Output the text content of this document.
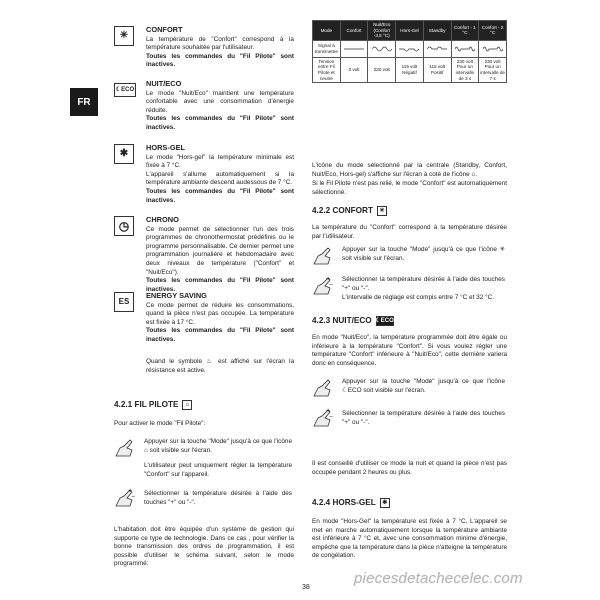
FR
✳
CONFORT
La température de "Confort" correspond à la température souhaitée par l'utilisateur.
Toutes les commandes du "Fil Pilote" sont inactives.
☾ECO
NUIT/ECO
Le mode "Nuit/Eco" maintient une température confortable avec une consommation d'énergie réduite.
Toutes les commandes du "Fil Pilote" sont inactives.
✱
HORS-GEL
Le mode "Hors-gel" la température minimale est fixée à 7 °C.
L'appareil s'allume automatiquement si la température ambiante descend audessous de 7 °C.
Toutes les commandes du "Fil Pilote" sont inactives.
◷	CHRONO
Ce mode permet de sélectionner l'un des trois programmes de chronothermostat prédéfinis ou le programme personnalisable. Ce dernier permet une programmation journalière et hebdomadaire avec deux niveaux de température ("Confort" et "Nuit/Eco").
Toutes les commandes du "Fil Pilote" sont inactives.
ES
ENERGY SAVING
Ce mode permet de réduire les consommations, quand la pièce n'est pas occupée. La température est fixée à 17 °C.
Toutes les commandes du "Fil Pilote" sont inactives.
Quand le symbole ♨ est affiché sur l'écran la résistance est active.
4.2.1 FIL PILOTE	⌂
Pour activer le mode "Fil Pilote":
Appuyer sur la touche "Mode" jusqu'à ce que l'icône ⌂ soit visible sur l'écran.
L'utilisateur peut uniquement régler la température "Confort" sur l'appareil.
+
− Sélectionner la température désirée à l'aide des touches "+" ou "-".
L'habitation doit être équipée d'un système de gestion qui supporte ce type de technologie. Dans ce cas , pour vérifier la bonne transmission des ordres de programmation, il est possible d'utiliser le schéma suivant, selon le mode programmé:
Mode	Confort	Nuit/Eco (Confort -3,5 °C)	Hors-Gel	Standby	Confort - 1 °C	Confort - 2 °C
Signal à transmettre	

Tension entre Fil Pilote et neutre	0 volt	230 volt	115 volt Négatif	115 volt Positif	230 volt Pour un intervalle de 3 s	230 volt Pour un intervalle de 7 s
L'icône du mode sélectionné par la centrale (Standby, Confort, Nuit/Eco, Hors-gel) s'affiche sur l'écran à coté de l'icône ⌂.
Si le Fil Pilote n'est pas relié, le mode "Confort" est automatiquement sélectionné.
4.2.2 CONFORT	✳
La température du "Confort" correspond à la température désirée par l'utilisateur.
Appuyer sur la touche "Mode" jusqu'à ce que l'icône ✳ soit visible sur l'écran.
+
−
Sélectionner la température désirée à l'aide des touches "+" ou "-".
L'intervalle de réglage est compis entre 7 °C et 32 °C.
4.2.3 NUIT/ECO ☾ECO
En mode "Nuit/Eco", la température programmée doit être égale ou inférieure à la température "Confort". Si vous voulez régler une température "Confort" inférieure à "Nuit/Eco", cette dernière variera donc en conséquence.
Appuyer sur la touche "Mode" jusqu'à ce que l'icône ☾ECO soit visible sur l'écran.
+
− Sélectionner la température désirée à l'aide des touches "+" ou "-".
Il est conseillé d'utiliser ce mode la nuit et quand la pièce n'est pas occupée pendant 2 heures ou plus.
4.2.4 HORS-GEL	✱
En mode "Hors-Gel" la température est fixée à 7 °C. L'appareil se met en marche automatiquement lorsque la température ambiante est inférieure à 7 °C et, avec une consommation minime d'énergie, empêche que la température dans la pièce n'atteigne la température de congélation.
piecesdetachecelec.com
38
